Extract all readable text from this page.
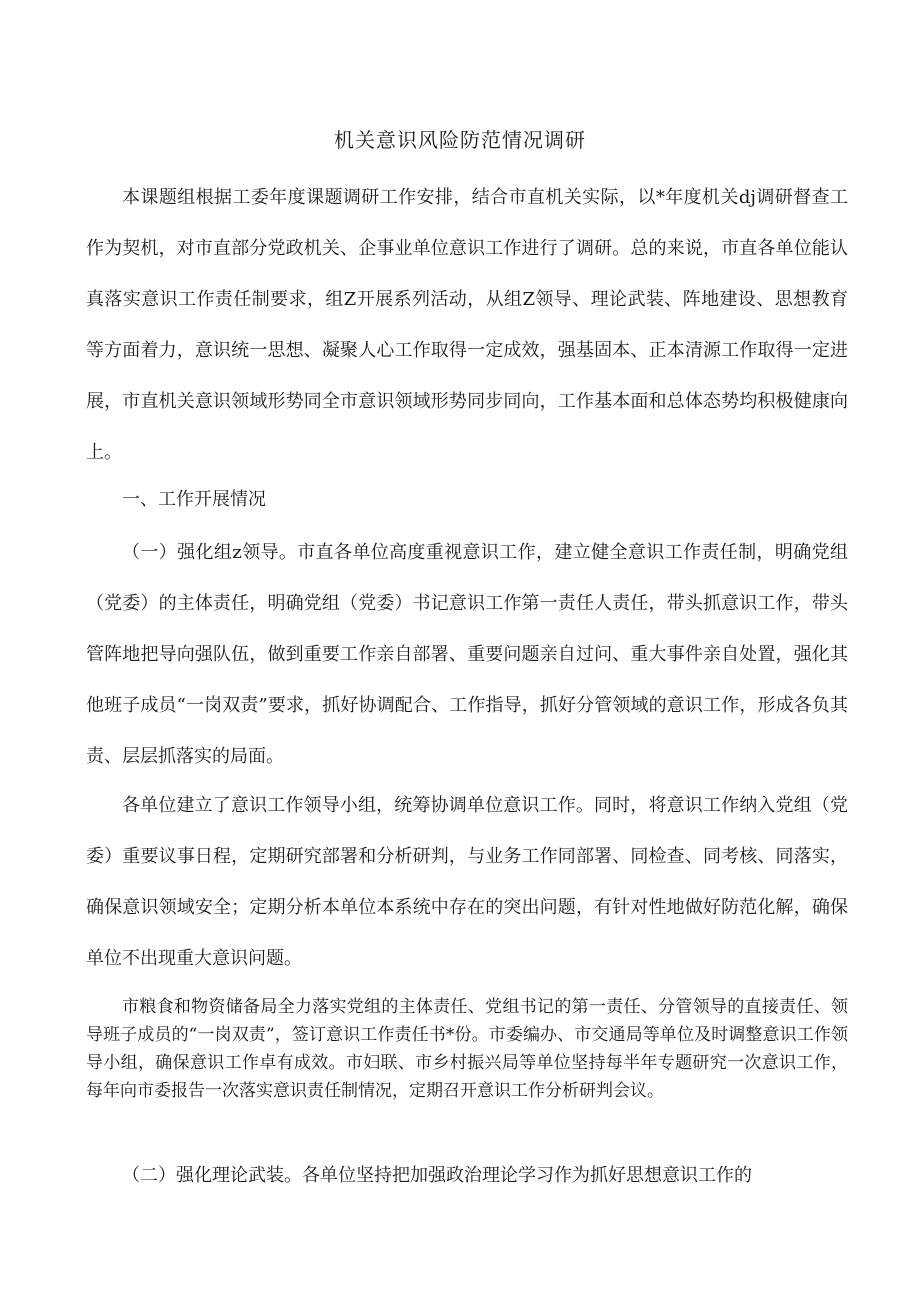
机关意识风险防范情况调研

本课题组根据工委年度课题调研工作安排，结合市直机关实际，以*年度机关dj调研督查工作为契机，对市直部分党政机关、企事业单位意识工作进行了调研。总的来说，市直各单位能认真落实意识工作责任制要求，组Z开展系列活动，从组Z领导、理论武装、阵地建设、思想教育等方面着力，意识统一思想、凝聚人心工作取得一定成效，强基固本、正本清源工作取得一定进展，市直机关意识领域形势同全市意识领域形势同步同向，工作基本面和总体态势均积极健康向上。

一、工作开展情况

（一）强化组z领导。市直各单位高度重视意识工作，建立健全意识工作责任制，明确党组（党委）的主体责任，明确党组（党委）书记意识工作第一责任人责任，带头抓意识工作，带头管阵地把导向强队伍，做到重要工作亲自部署、重要问题亲自过问、重大事件亲自处置，强化其他班子成员“一岗双责”要求，抓好协调配合、工作指导，抓好分管领域的意识工作，形成各负其责、层层抓落实的局面。

各单位建立了意识工作领导小组，统筹协调单位意识工作。同时，将意识工作纳入党组（党委）重要议事日程，定期研究部署和分析研判，与业务工作同部署、同检查、同考核、同落实，确保意识领域安全；定期分析本单位本系统中存在的突出问题，有针对性地做好防范化解，确保单位不出现重大意识问题。

市粮食和物资储备局全力落实党组的主体责任、党组书记的第一责任、分管领导的直接责任、领导班子成员的“一岗双责”，签订意识工作责任书*份。市委编办、市交通局等单位及时调整意识工作领导小组，确保意识工作卓有成效。市妇联、市乡村振兴局等单位坚持每半年专题研究一次意识工作，每年向市委报告一次落实意识责任制情况，定期召开意识工作分析研判会议。

（二）强化理论武装。各单位坚持把加强政治理论学习作为抓好思想意识工作的
